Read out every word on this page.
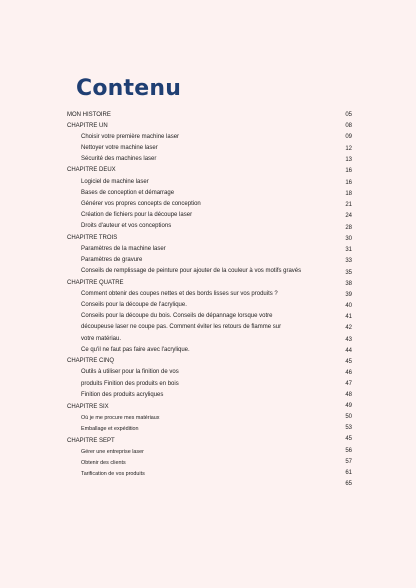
Contenu
MON HISTOIRE
CHAPITRE UN
Choisir votre première machine laser
Nettoyer votre machine laser
Sécurité des machines laser
CHAPITRE DEUX
Logiciel de machine laser
Bases de conception et démarrage
Générer vos propres concepts de conception
Création de fichiers pour la découpe laser
Droits d'auteur et vos conceptions
CHAPITRE TROIS
Paramètres de la machine laser
Paramètres de gravure
Conseils de remplissage de peinture pour ajouter de la couleur à vos motifs gravés
CHAPITRE QUATRE
Comment obtenir des coupes nettes et des bords lisses sur vos produits ?
Conseils pour la découpe de l'acrylique.
Conseils pour la découpe du bois. Conseils de dépannage lorsque votre
découpeuse laser ne coupe pas. Comment éviter les retours de flamme sur
votre matériau.
Ce qu'il ne faut pas faire avec l'acrylique.
CHAPITRE CINQ
Outils à utiliser pour la finition de vos
produits Finition des produits en bois
Finition des produits acryliques
CHAPITRE SIX
Où je me procure mes matériaux
Emballage et expédition
CHAPITRE SEPT
Gérer une entreprise laser
Obtenir des clients
Tarification de vos produits
05
08
09
12
13
16
16
18
21
24
28
30
31
33
35
38
39
40
41
42
43
44
45
46
47
48
49
50
53
45
56
57
61
65
